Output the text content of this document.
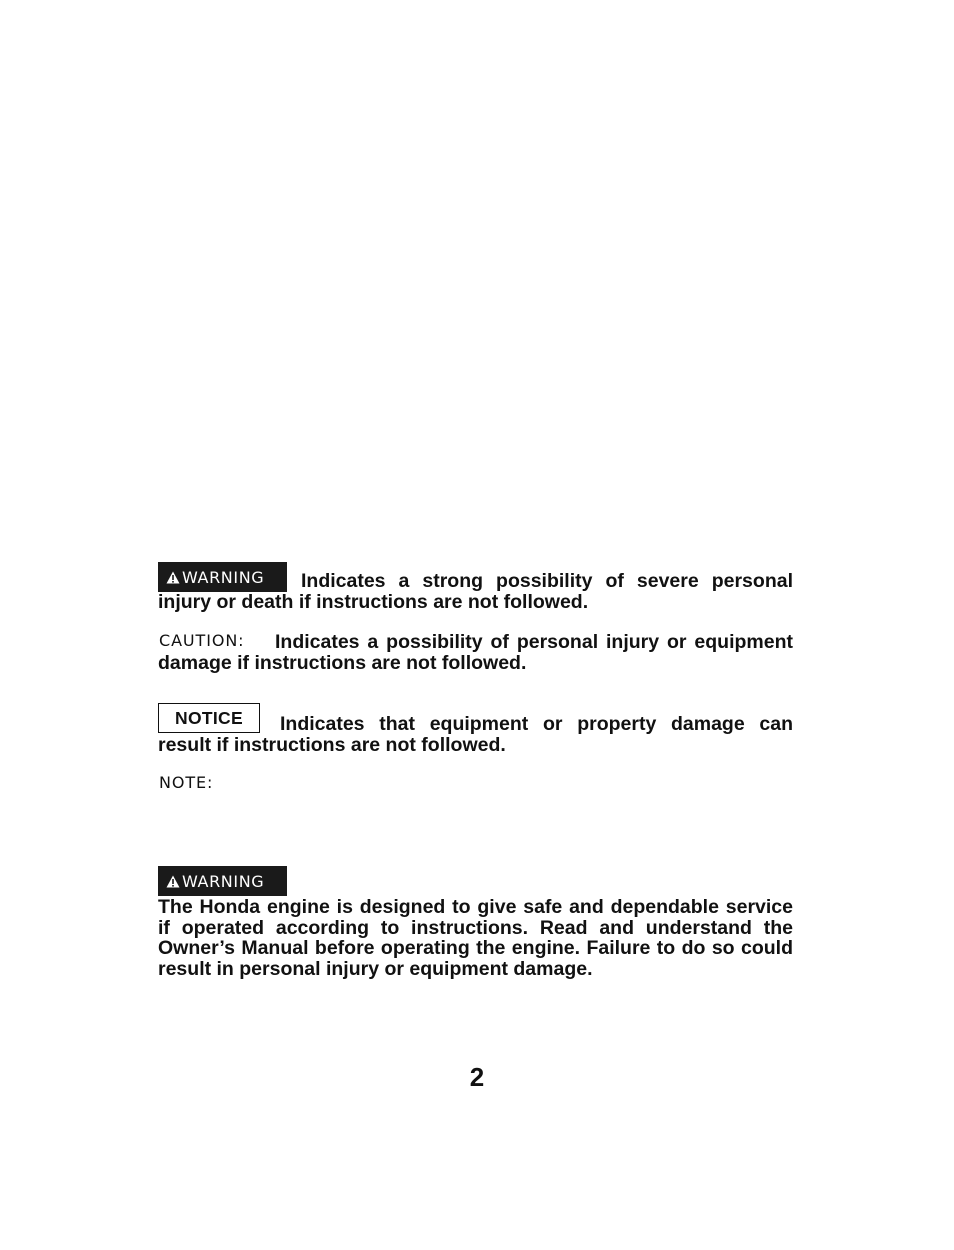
WARNING	Indicates a strong possibility of severe personal injury or death if instructions are not followed.
CAUTION:	Indicates a possibility of personal injury or equipment damage if instructions are not followed.
NOTICE	Indicates that equipment or property damage can result if instructions are not followed.
NOTE:
WARNING
The Honda engine is designed to give safe and dependable service if operated according to instructions. Read and understand the Owner’s Manual before operating the engine. Failure to do so could result in personal injury or equipment damage.
2
